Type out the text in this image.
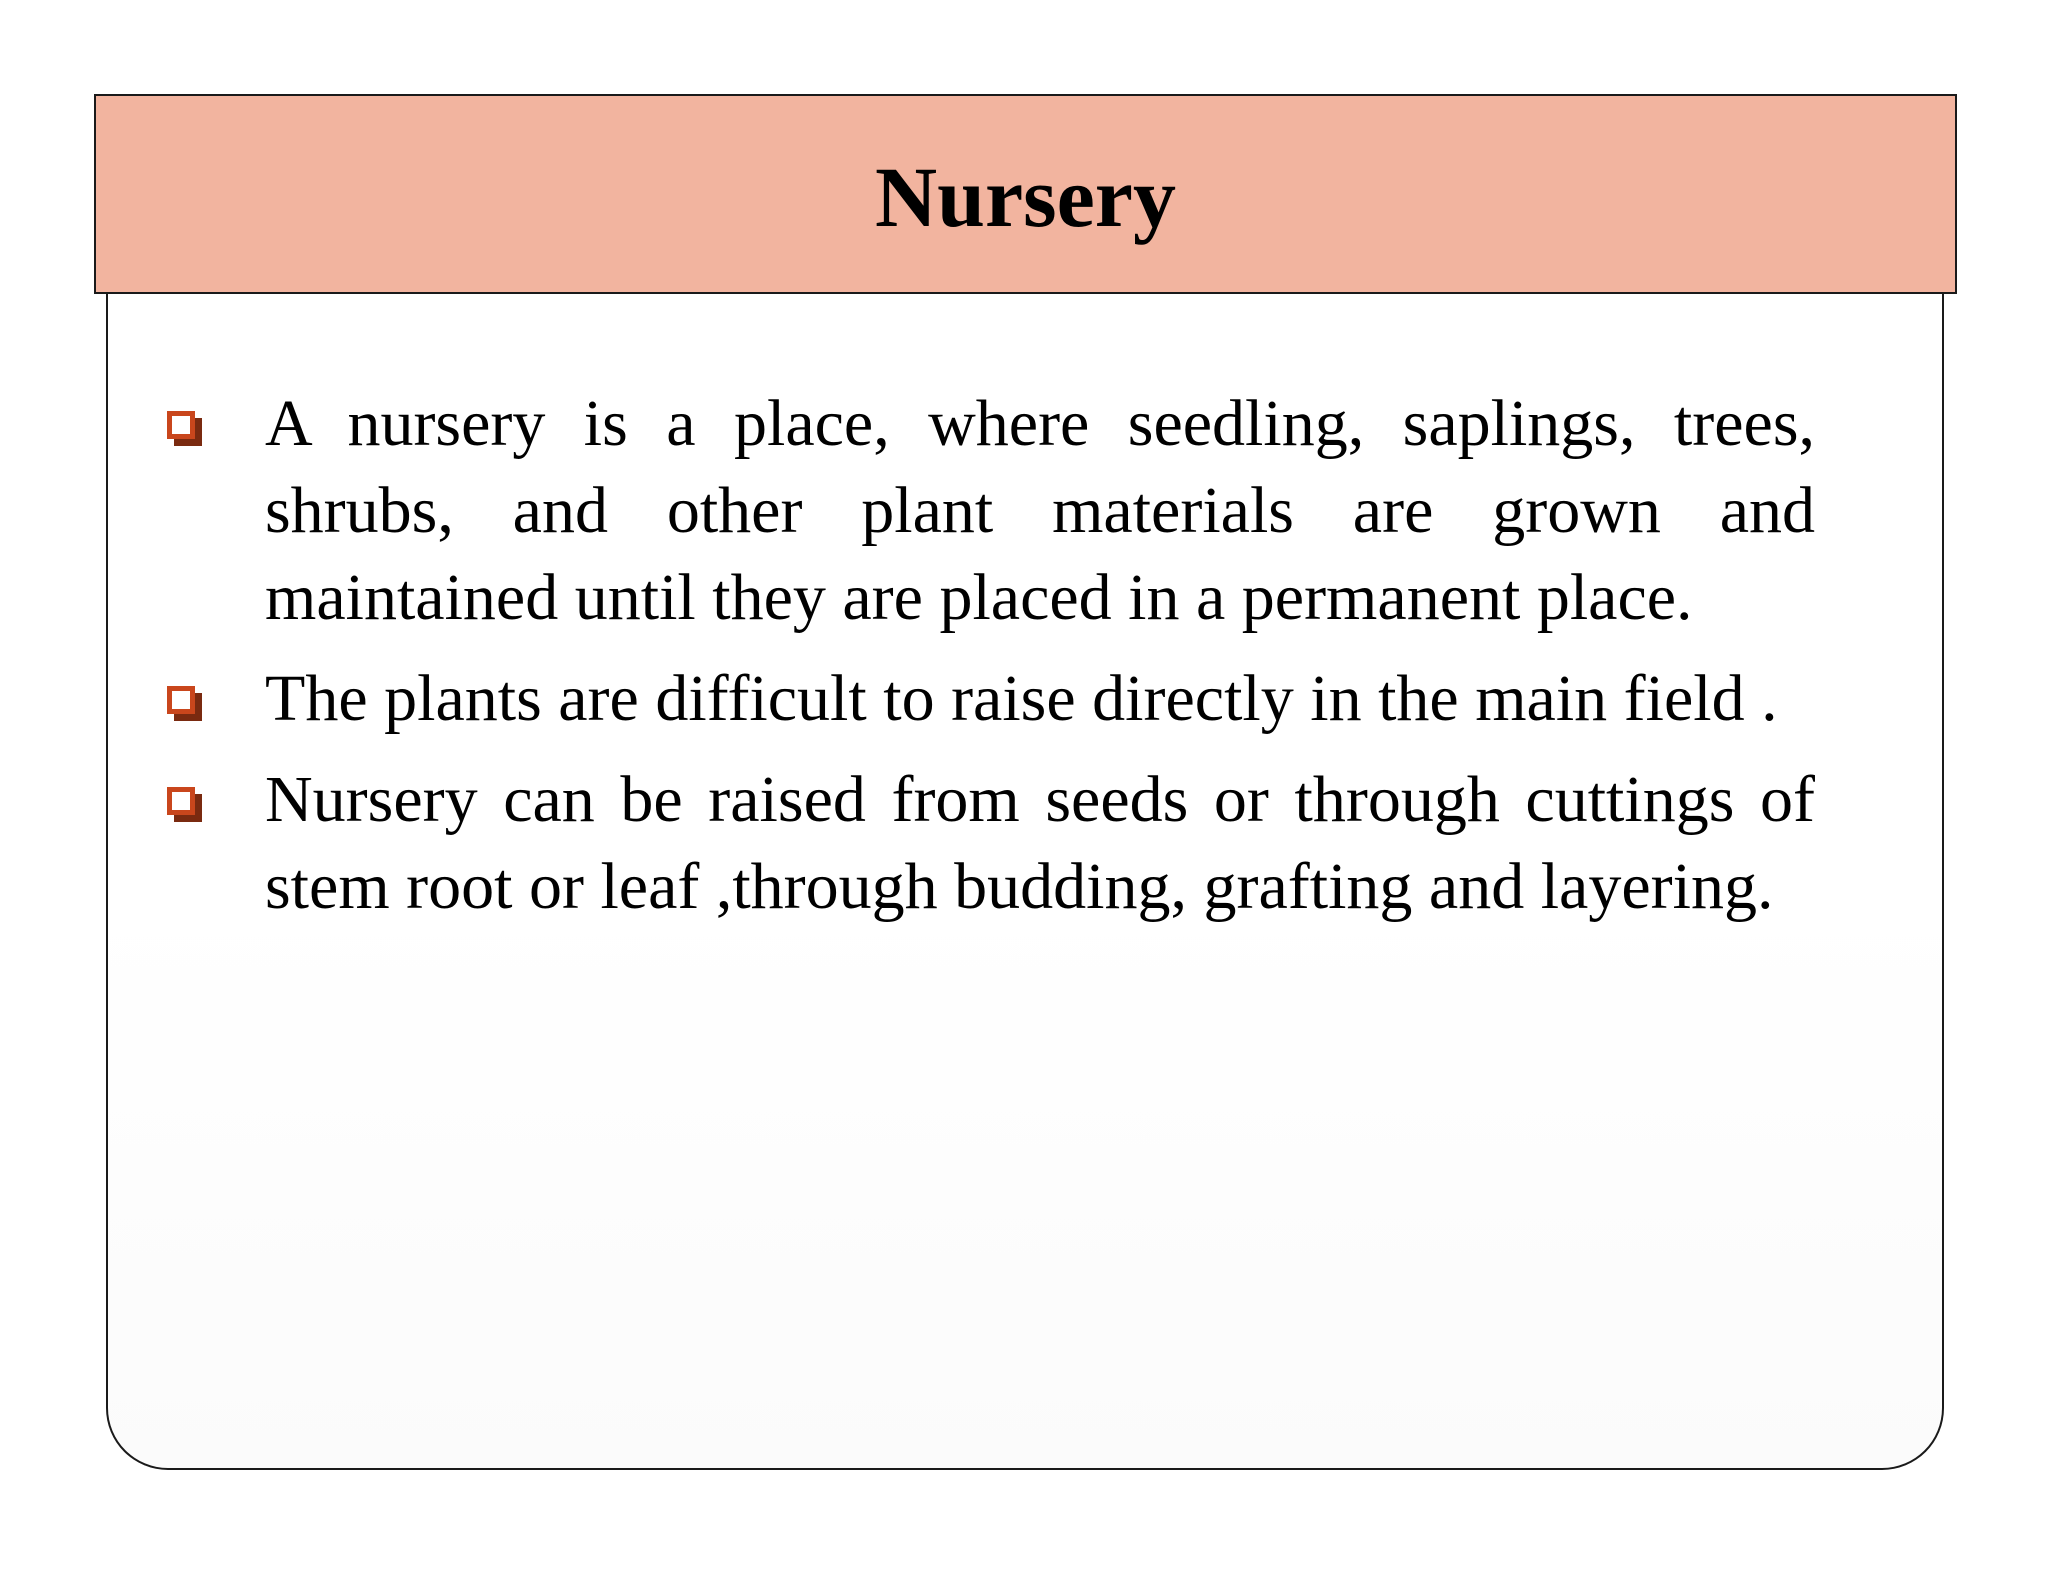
Nursery
A nursery is a place, where seedling, saplings, trees, shrubs, and other plant materials are grown and maintained until they are placed in a permanent place.
The plants are difficult to raise directly in the main field .
Nursery can be raised from seeds or through cuttings of stem root or leaf ,through budding, grafting and layering.
